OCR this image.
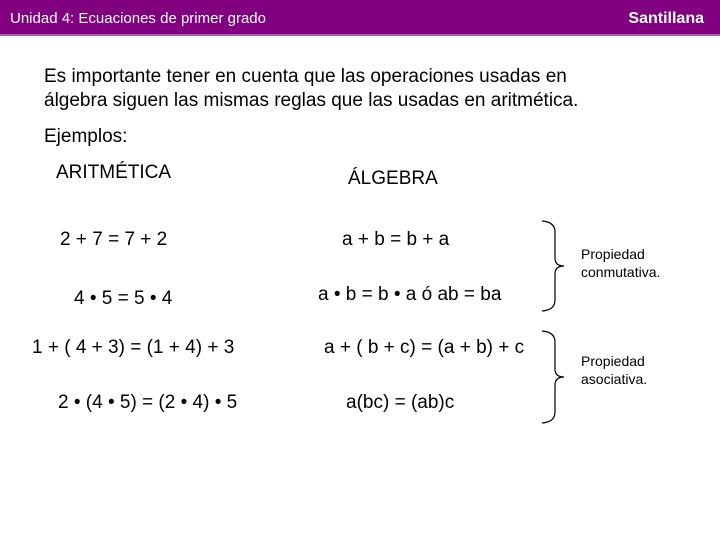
Unidad 4: Ecuaciones de primer grado	Santillana
Es importante tener en cuenta que las operaciones usadas en
álgebra siguen las mismas reglas que las usadas en aritmética.
Ejemplos:
ARITMÉTICA	ÁLGEBRA
2 + 7 = 7 + 2	a + b = b + a
4 • 5 = 5 • 4	a • b = b • a ó ab = ba
1 + ( 4 + 3) = (1 + 4) + 3	a + ( b + c) = (a + b) + c
2 • (4 • 5) = (2 • 4) • 5	a(bc) = (ab)c
Propiedad
conmutativa.
Propiedad
asociativa.
